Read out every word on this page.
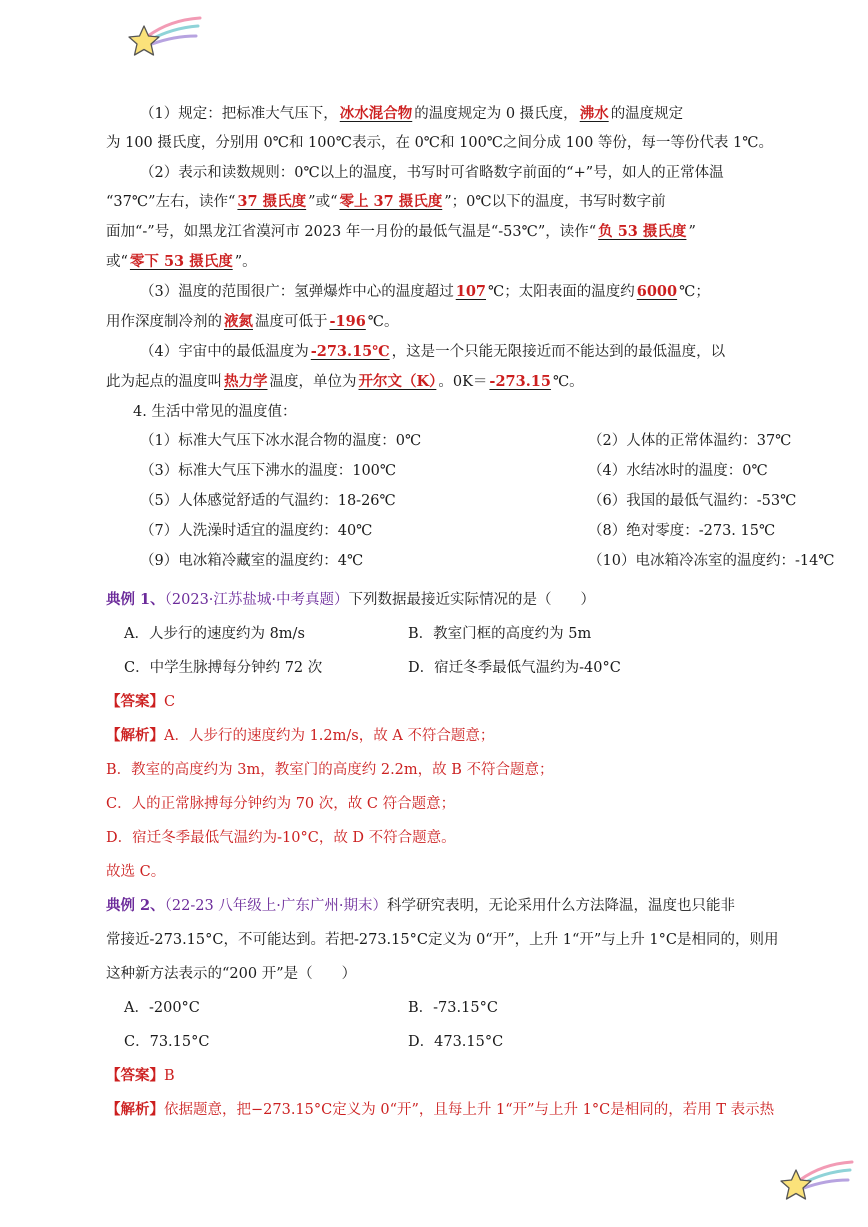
（1）规定：把标准大气压下， 冰水混合物 的温度规定为 0 摄氏度， 沸水 的温度规定
为 100 摄氏度，分别用 0℃和 100℃表示，在 0℃和 100℃之间分成 100 等份，每一等份代表 1℃。
（2）表示和读数规则：0℃以上的温度，书写时可省略数字前面的“+”号，如人的正常体温
“37℃”左右，读作“ 37 摄氏度 ”或“ 零上 37 摄氏度 ”；0℃以下的温度，书写时数字前
面加“-”号，如黑龙江省漠河市 2023 年一月份的最低气温是“-53℃”，读作“ 负 53 摄氏度 ”
或“ 零下 53 摄氏度 ”。
（3）温度的范围很广：氢弹爆炸中心的温度超过 107 ℃；太阳表面的温度约 6000 ℃；
用作深度制冷剂的 液氮 温度可低于 -196 ℃。
（4）宇宙中的最低温度为 -273.15℃ ，这是一个只能无限接近而不能达到的最低温度，以
此为起点的温度叫 热力学 温度，单位为 开尔文（K） 。0K＝ -273.15 ℃。
4. 生活中常见的温度值：
（1）标准大气压下冰水混合物的温度：0℃	（2）人体的正常体温约：37℃
（3）标准大气压下沸水的温度：100℃	（4）水结冰时的温度：0℃
（5）人体感觉舒适的气温约：18-26℃	（6）我国的最低气温约：-53℃
（7）人洗澡时适宜的温度约：40℃	（8）绝对零度：-273. 15℃
（9）电冰箱冷藏室的温度约：4℃	（10）电冰箱冷冻室的温度约：-14℃
典例 1、（2023·江苏盐城·中考真题）下列数据最接近实际情况的是（　　）
A．人步行的速度约为 8m/s	B．教室门框的高度约为 5m
C．中学生脉搏每分钟约 72 次	D．宿迁冬季最低气温约为-40°C
【答案】C
【解析】A．人步行的速度约为 1.2m/s，故 A 不符合题意；
B．教室的高度约为 3m，教室门的高度约 2.2m，故 B 不符合题意；
C．人的正常脉搏每分钟约为 70 次，故 C 符合题意；
D．宿迁冬季最低气温约为-10°C，故 D 不符合题意。
故选 C。
典例 2、（22-23 八年级上·广东广州·期末）科学研究表明，无论采用什么方法降温，温度也只能非
常接近-273.15°C，不可能达到。若把-273.15°C定义为 0“开”，上升 1“开”与上升 1°C是相同的，则用
这种新方法表示的“200 开”是（　　）
A．-200°C	B．-73.15°C
C．73.15°C	D．473.15°C
【答案】B
【解析】依据题意，把−273.15°C定义为 0“开”，且每上升 1“开”与上升 1°C是相同的，若用 T 表示热
